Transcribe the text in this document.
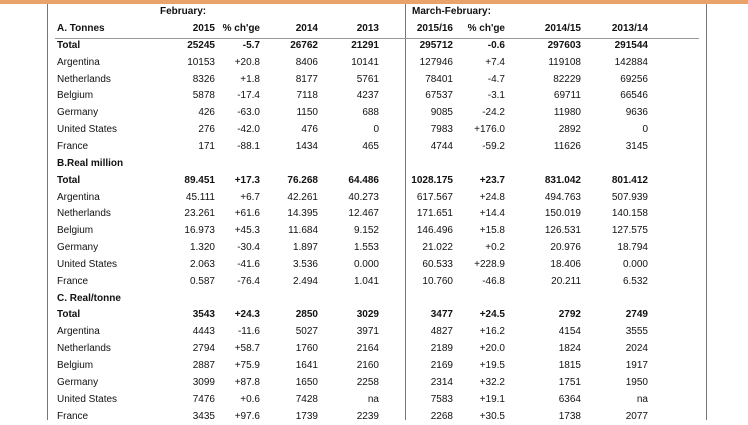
February:	March-February:
A. Tonnes	2015 % ch'ge	2014	2013	2015/16	% ch'ge	2014/15	2013/14
Total	25245	-5.7	26762	21291	295712	-0.6	297603	291544
Argentina	10153	+20.8	8406	10141	127946	+7.4	119108	142884
Netherlands	8326	+1.8	8177	5761	78401	-4.7	82229	69256
Belgium	5878	-17.4	7118	4237	67537	-3.1	69711	66546
Germany	426	-63.0	1150	688	9085	-24.2	11980	9636
United States	276	-42.0	476	0	7983	+176.0	2892	0
France	171	-88.1	1434	465	4744	-59.2	11626	3145
B.Real million
Total	89.451	+17.3	76.268	64.486	1028.175	+23.7	831.042	801.412
Argentina	45.111	+6.7	42.261	40.273	617.567	+24.8	494.763	507.939
Netherlands	23.261	+61.6	14.395	12.467	171.651	+14.4	150.019	140.158
Belgium	16.973	+45.3	11.684	9.152	146.496	+15.8	126.531	127.575
Germany	1.320	-30.4	1.897	1.553	21.022	+0.2	20.976	18.794
United States	2.063	-41.6	3.536	0.000	60.533	+228.9	18.406	0.000
France	0.587	-76.4	2.494	1.041	10.760	-46.8	20.211	6.532
C. Real/tonne
Total	3543	+24.3	2850	3029	3477	+24.5	2792	2749
Argentina	4443	-11.6	5027	3971	4827	+16.2	4154	3555
Netherlands	2794	+58.7	1760	2164	2189	+20.0	1824	2024
Belgium	2887	+75.9	1641	2160	2169	+19.5	1815	1917
Germany	3099	+87.8	1650	2258	2314	+32.2	1751	1950
United States	7476	+0.6	7428	na	7583	+19.1	6364	na
France	3435	+97.6	1739	2239	2268	+30.5	1738	2077
